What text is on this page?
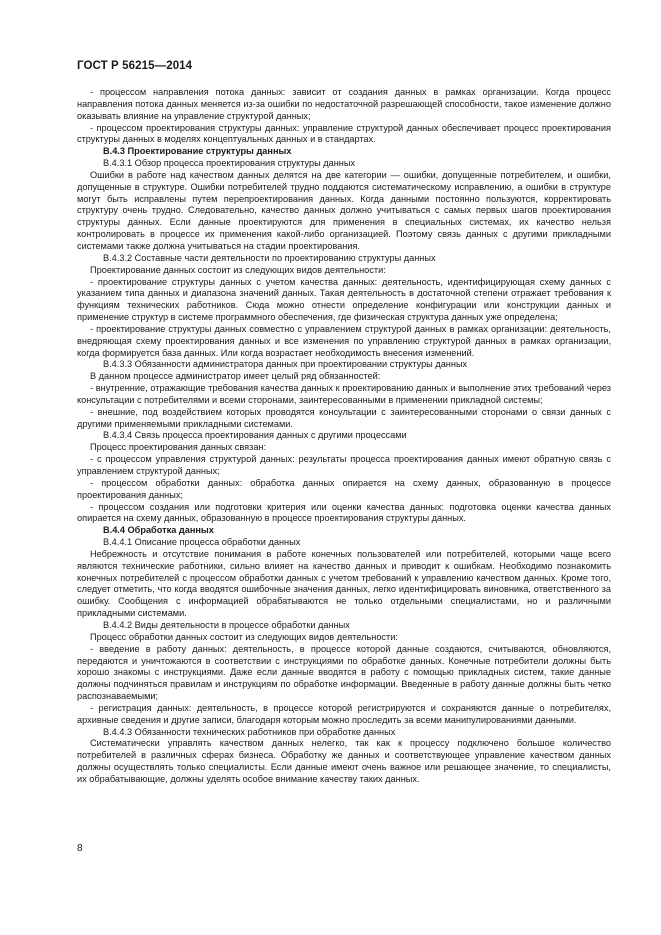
ГОСТ Р 56215—2014

- процессом направления потока данных: зависит от создания данных в рамках организации. Когда процесс направления потока данных меняется из-за ошибки по недостаточной разрешающей способности, такое изменение должно оказывать влияние на управление структурой данных;

- процессом проектирования структуры данных: управление структурой данных обеспечивает процесс проектирования структуры данных в моделях концептуальных данных и в стандартах.

В.4.3 Проектирование структуры данных

В.4.3.1 Обзор процесса проектирования структуры данных

Ошибки в работе над качеством данных делятся на две категории — ошибки, допущенные потребителем, и ошибки, допущенные в структуре. Ошибки потребителей трудно поддаются систематическому исправлению, а ошибки в структуре могут быть исправлены путем перепроектирования данных. Когда данными постоянно пользуются, корректировать структуру очень трудно. Следовательно, качество данных должно учитываться с самых первых шагов проектирования структуры данных. Если данные проектируются для применения в специальных системах, их качество нельзя контролировать в процессе их применения какой-либо организацией. Поэтому связь данных с другими прикладными системами также должна учитываться на стадии проектирования.

В.4.3.2 Составные части деятельности по проектированию структуры данных

Проектирование данных состоит из следующих видов деятельности:

- проектирование структуры данных с учетом качества данных: деятельность, идентифицирующая схему данных с указанием типа данных и диапазона значений данных. Такая деятельность в достаточной степени отражает требования к функциям технических работников. Сюда можно отнести определение конфигурации или конструкции данных и применение структур в системе программного обеспечения, где физическая структура данных уже определена;

- проектирование структуры данных совместно с управлением структурой данных в рамках организации: деятельность, внедряющая схему проектирования данных и все изменения по управлению структурой данных в рамках организации, когда формируется база данных. Или когда возрастает необходимость внесения изменений.

В.4.3.3 Обязанности администратора данных при проектировании структуры данных

В данном процессе администратор имеет целый ряд обязанностей:

- внутренние, отражающие требования качества данных к проектированию данных и выполнение этих требований через консультации с потребителями и всеми сторонами, заинтересованными в применении прикладной системы;

- внешние, под воздействием которых проводятся консультации с заинтересованными сторонами о связи данных с другими применяемыми прикладными системами.

В.4.3.4 Связь процесса проектирования данных с другими процессами

Процесс проектирования данных связан:

- с процессом управления структурой данных: результаты процесса проектирования данных имеют обратную связь с управлением структурой данных;

- процессом обработки данных: обработка данных опирается на схему данных, образованную в процессе проектирования данных;

- процессом создания или подготовки критерия или оценки качества данных: подготовка оценки качества данных опирается на схему данных, образованную в процессе проектирования структуры данных.

В.4.4 Обработка данных

В.4.4.1 Описание процесса обработки данных

Небрежность и отсутствие понимания в работе конечных пользователей или потребителей, которыми чаще всего являются технические работники, сильно влияет на качество данных и приводит к ошибкам. Необходимо познакомить конечных потребителей с процессом обработки данных с учетом требований к управлению качеством данных. Кроме того, следует отметить, что когда вводятся ошибочные значения данных, легко идентифицировать виновника, ответственного за ошибку. Сообщения с информацией обрабатываются не только отдельными специалистами, но и различными прикладными системами.

В.4.4.2 Виды деятельности в процессе обработки данных

Процесс обработки данных состоит из следующих видов деятельности:

- введение в работу данных: деятельность, в процессе которой данные создаются, считываются, обновляются, передаются и уничтожаются в соответствии с инструкциями по обработке данных. Конечные потребители должны быть хорошо знакомы с инструкциями. Даже если данные вводятся в работу с помощью прикладных систем, такие данные должны подчиняться правилам и инструкциям по обработке информации. Введенные в работу данные должны быть четко распознаваемыми;

- регистрация данных: деятельность, в процессе которой регистрируются и сохраняются данные о потребителях, архивные сведения и другие записи, благодаря которым можно проследить за всеми манипулированиями данными.

В.4.4.3 Обязанности технических работников при обработке данных

Систематически управлять качеством данных нелегко, так как к процессу подключено большое количество потребителей в различных сферах бизнеса. Обработку же данных и соответствующее управление качеством данных должны осуществлять только специалисты. Если данные имеют очень важное или решающее значение, то специалисты, их обрабатывающие, должны уделять особое внимание качеству таких данных.

8
